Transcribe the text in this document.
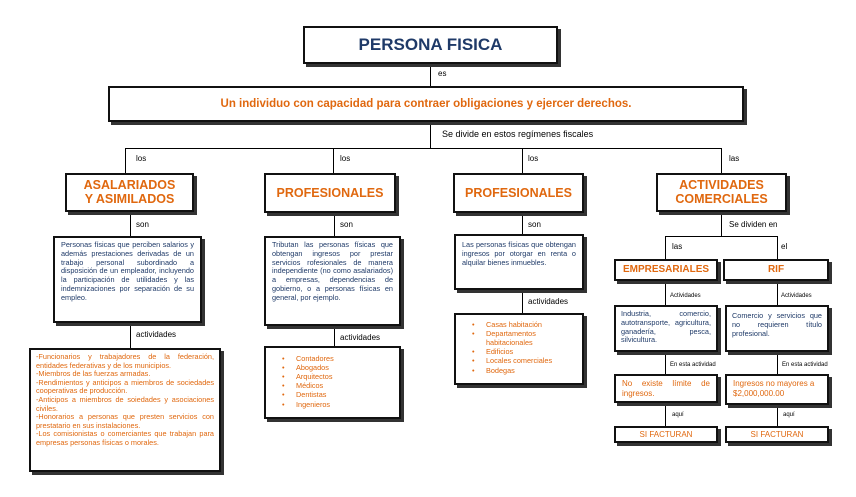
PERSONA FISICA
es
Un individuo con capacidad para contraer obligaciones y ejercer derechos.
Se divide en estos regímenes fiscales
los
ASALARIADOS
Y ASIMILADOS
son
Personas físicas que perciben salarios y además prestaciones derivadas de un trabajo personal subordinado a disposición de un empleador, incluyendo la participación de utilidades y las indemnizaciones por separación de su empleo.
actividades
-Funcionarios y trabajadores de la federación, entidades federativas y de los municipios.
-Miembros de las fuerzas armadas.
-Rendimientos y anticipos a miembros de sociedades cooperativas de producción.
-Anticipos a miembros de soiedades y asociaciones civiles.
-Honorarios a personas que presten servicios con prestatario en sus instalaciones.
-Los comisionistas o comerciantes que trabajan para empresas personas físicas o morales.
los
PROFESIONALES
son
Tributan las personas físicas que obtengan ingresos por prestar servicios rofesionales de manera independiente (no como asalariados) a empresas, dependencias de gobierno, o a personas físicas en general, por ejemplo.
actividades
• Contadores
• Abogados
• Arquitectos
• Médicos
• Dentistas
• Ingenieros
los
PROFESIONALES
son
Las personas físicas que obtengan ingresos por otorgar en renta o alquilar bienes inmuebles.
actividades
• Casas habitación
• Departamentos habitacionales
• Edificios
• Locales comerciales
• Bodegas
las
ACTIVIDADES
COMERCIALES
Se dividen en
las
EMPRESARIALES
Actividades
Industria, comercio, autotransporte, agricultura, ganadería, pesca, silvicultura.
En esta actividad
No existe límite de ingresos.
aquí
SI FACTURAN
el
RIF
Actividades
Comercio y servicios que no requieren título profesional.
En esta actividad
Ingresos no mayores a $2,000,000.00
aquí
SI FACTURAN
